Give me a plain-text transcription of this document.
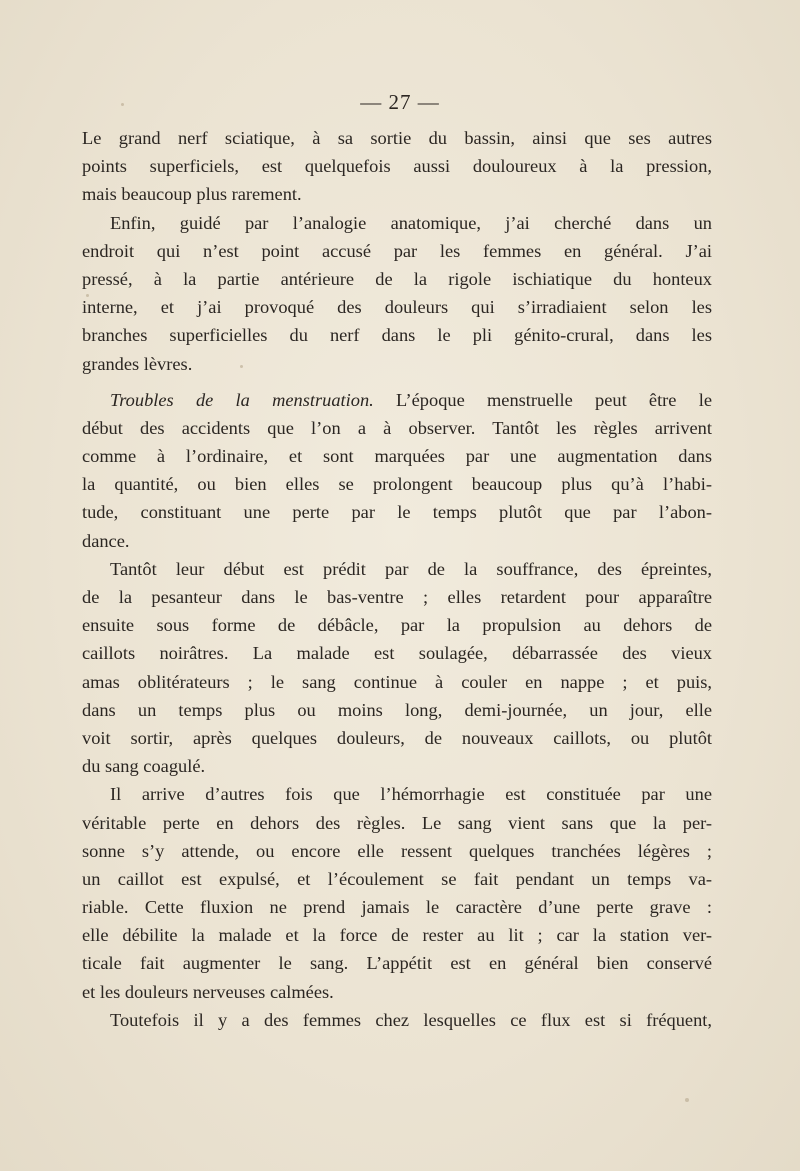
— 27 —
Le grand nerf sciatique, à sa sortie du bassin, ainsi que ses autres
points superficiels, est quelquefois aussi douloureux à la pression,
mais beaucoup plus rarement.
Enfin, guidé par l’analogie anatomique, j’ai cherché dans un
endroit qui n’est point accusé par les femmes en général. J’ai
pressé, à la partie antérieure de la rigole ischiatique du honteux
interne, et j’ai provoqué des douleurs qui s’irradiaient selon les
branches superficielles du nerf dans le pli génito-crural, dans les
grandes lèvres.
Troubles de la menstruation. L’époque menstruelle peut être le
début des accidents que l’on a à observer. Tantôt les règles arrivent
comme à l’ordinaire, et sont marquées par une augmentation dans
la quantité, ou bien elles se prolongent beaucoup plus qu’à l’habi-
tude, constituant une perte par le temps plutôt que par l’abon-
dance.
Tantôt leur début est prédit par de la souffrance, des épreintes,
de la pesanteur dans le bas-ventre ; elles retardent pour apparaître
ensuite sous forme de débâcle, par la propulsion au dehors de
caillots noirâtres. La malade est soulagée, débarrassée des vieux
amas oblitérateurs ; le sang continue à couler en nappe ; et puis,
dans un temps plus ou moins long, demi-journée, un jour, elle
voit sortir, après quelques douleurs, de nouveaux caillots, ou plutôt
du sang coagulé.
Il arrive d’autres fois que l’hémorrhagie est constituée par une
véritable perte en dehors des règles. Le sang vient sans que la per-
sonne s’y attende, ou encore elle ressent quelques tranchées légères ;
un caillot est expulsé, et l’écoulement se fait pendant un temps va-
riable. Cette fluxion ne prend jamais le caractère d’une perte grave :
elle débilite la malade et la force de rester au lit ; car la station ver-
ticale fait augmenter le sang. L’appétit est en général bien conservé
et les douleurs nerveuses calmées.
Toutefois il y a des femmes chez lesquelles ce flux est si fréquent,
